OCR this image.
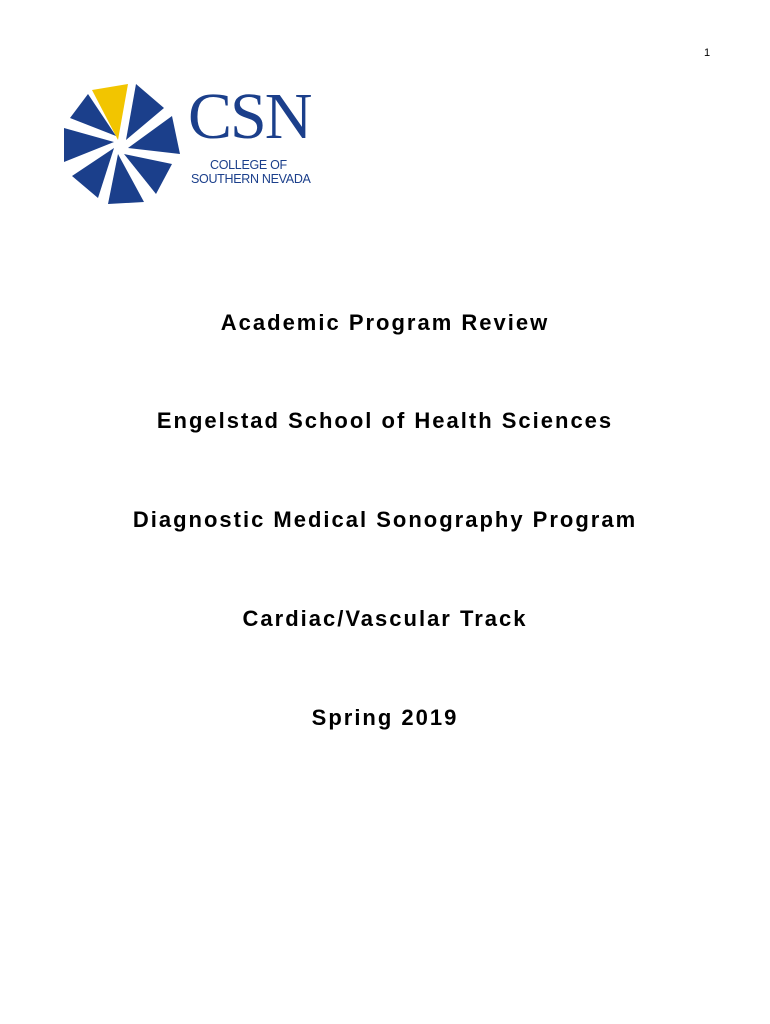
1
CSN
COLLEGE OF
SOUTHERN NEVADA
Academic Program Review
Engelstad School of Health Sciences
Diagnostic Medical Sonography Program
Cardiac/Vascular Track
Spring 2019
